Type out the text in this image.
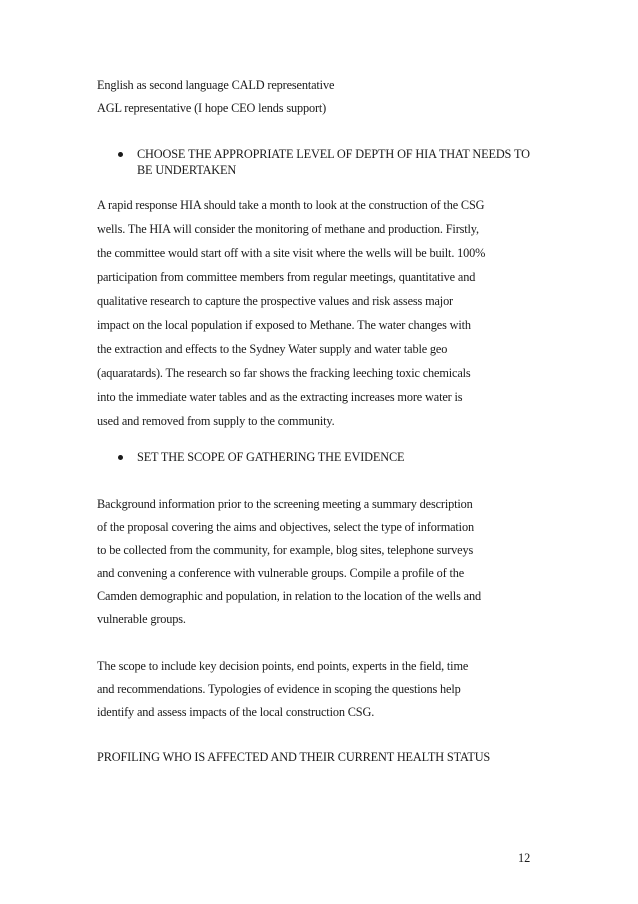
English as second language CALD representative
AGL representative (I hope CEO lends support)
CHOOSE THE APPROPRIATE LEVEL OF DEPTH OF HIA THAT NEEDS TO
BE UNDERTAKEN
A rapid response HIA should take a month to look at the construction of the CSG
wells. The HIA will consider the monitoring of methane and production. Firstly,
the committee would start off with a site visit where the wells will be built. 100%
participation from committee members from regular meetings, quantitative and
qualitative research to capture the prospective values and risk assess major
impact on the local population if exposed to Methane. The water changes with
the extraction and effects to the Sydney Water supply and water table geo
(aquaratards). The research so far shows the fracking leeching toxic chemicals
into the immediate water tables and as the extracting increases more water is
used and removed from supply to the community.
SET THE SCOPE OF GATHERING THE EVIDENCE
Background information prior to the screening meeting a summary description
of the proposal covering the aims and objectives, select the type of information
to be collected from the community, for example, blog sites, telephone surveys
and convening a conference with vulnerable groups. Compile a profile of the
Camden demographic and population, in relation to the location of the wells and
vulnerable groups.
The scope to include key decision points, end points, experts in the field, time
and recommendations. Typologies of evidence in scoping the questions help
identify and assess impacts of the local construction CSG.
PROFILING WHO IS AFFECTED AND THEIR CURRENT HEALTH STATUS
12
